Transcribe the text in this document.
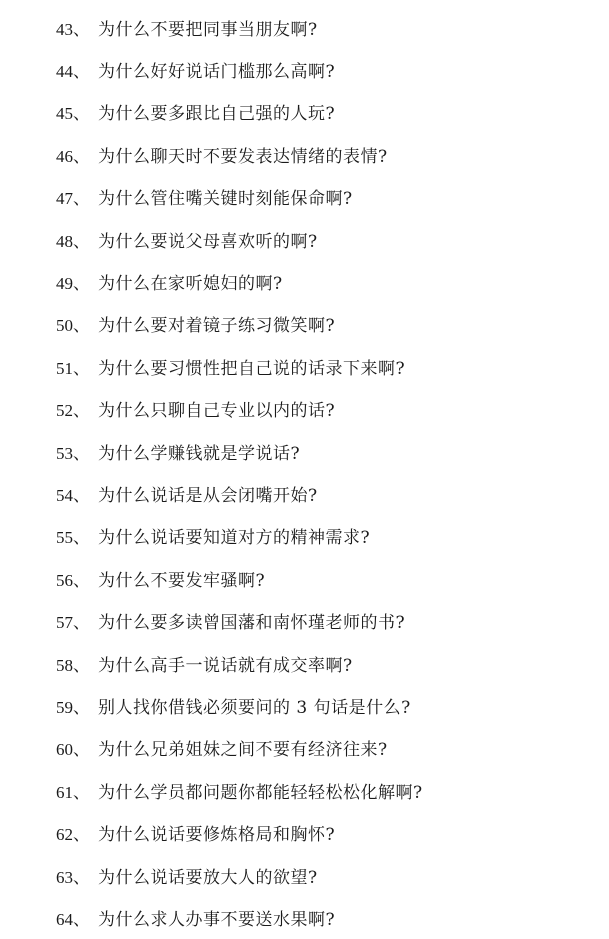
43、 为什么不要把同事当朋友啊?
44、 为什么好好说话门槛那么高啊?
45、 为什么要多跟比自己强的人玩?
46、 为什么聊天时不要发表达情绪的表情?
47、 为什么管住嘴关键时刻能保命啊?
48、 为什么要说父母喜欢听的啊?
49、 为什么在家听媳妇的啊?
50、 为什么要对着镜子练习微笑啊?
51、 为什么要习惯性把自己说的话录下来啊?
52、 为什么只聊自己专业以内的话?
53、 为什么学赚钱就是学说话?
54、 为什么说话是从会闭嘴开始?
55、 为什么说话要知道对方的精神需求?
56、 为什么不要发牢骚啊?
57、 为什么要多读曾国藩和南怀瑾老师的书?
58、 为什么高手一说话就有成交率啊?
59、 别人找你借钱必须要问的 3 句话是什么?
60、 为什么兄弟姐妹之间不要有经济往来?
61、 为什么学员都问题你都能轻轻松松化解啊?
62、 为什么说话要修炼格局和胸怀?
63、 为什么说话要放大人的欲望?
64、 为什么求人办事不要送水果啊?
